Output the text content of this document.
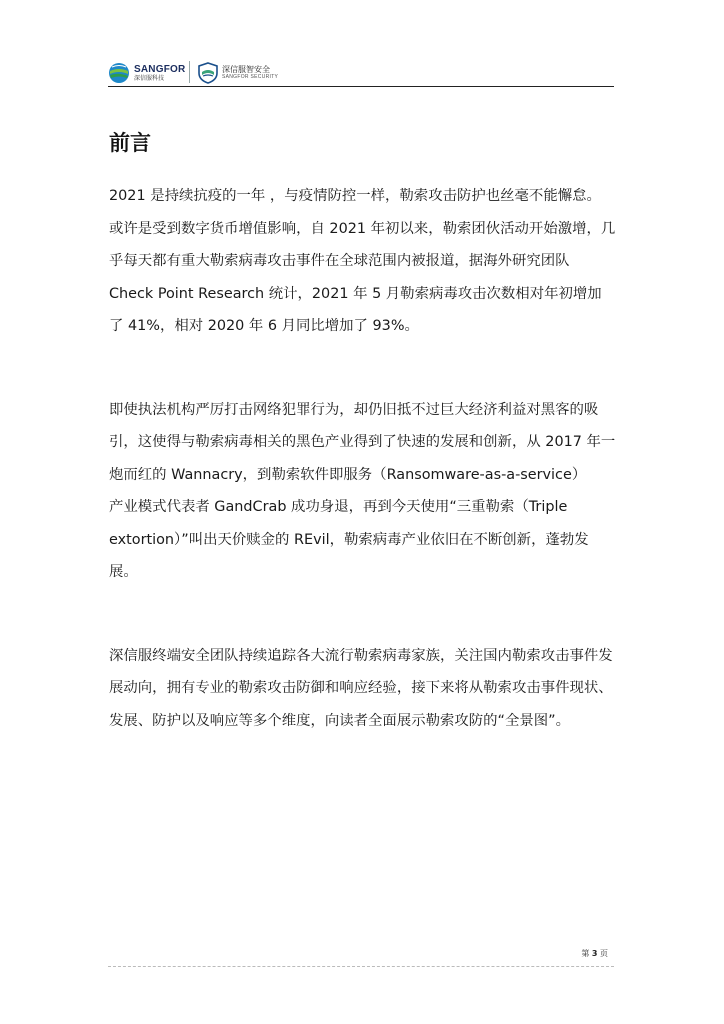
SANGFOR
深信服科技
深信服智安全
SANGFOR SECURITY
前言

2021 是持续抗疫的一年 ，与疫情防控一样，勒索攻击防护也丝毫不能懈怠。
或许是受到数字货币增值影响，自 2021 年初以来，勒索团伙活动开始激增，几
乎每天都有重大勒索病毒攻击事件在全球范围内被报道，据海外研究团队
Check Point Research 统计，2021 年 5 月勒索病毒攻击次数相对年初增加
了 41%，相对 2020 年 6 月同比增加了 93%。

即使执法机构严厉打击网络犯罪行为，却仍旧抵不过巨大经济利益对黑客的吸
引，这使得与勒索病毒相关的黑色产业得到了快速的发展和创新，从 2017 年一
炮而红的 Wannacry，到勒索软件即服务（Ransomware-as-a-service）
产业模式代表者 GandCrab 成功身退，再到今天使用“三重勒索（Triple
extortion）”叫出天价赎金的 REvil，勒索病毒产业依旧在不断创新，蓬勃发
展。

深信服终端安全团队持续追踪各大流行勒索病毒家族，关注国内勒索攻击事件发
展动向，拥有专业的勒索攻击防御和响应经验，接下来将从勒索攻击事件现状、
发展、防护以及响应等多个维度，向读者全面展示勒索攻防的“全景图”。

第 3 页
